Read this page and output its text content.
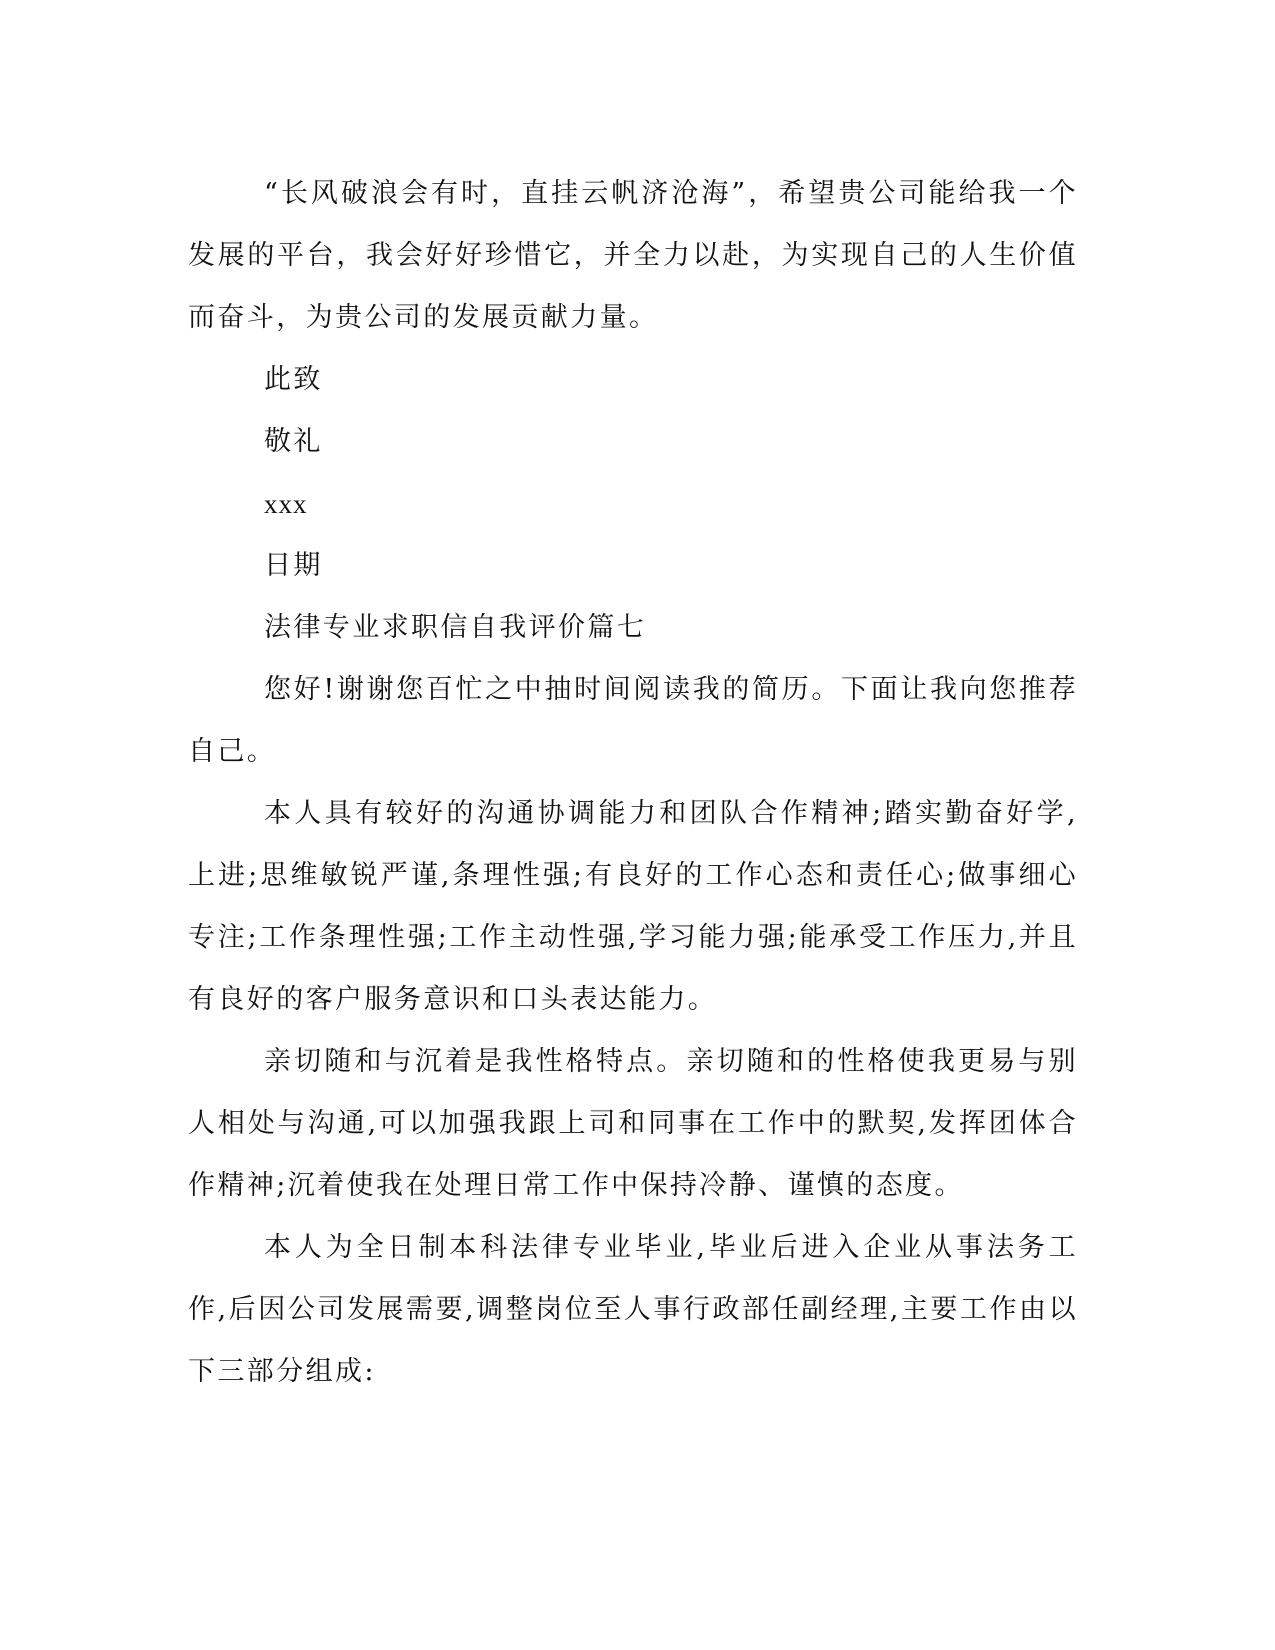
“长风破浪会有时，直挂云帆济沧海”，希望贵公司能给我一个发展的平台，我会好好珍惜它，并全力以赴，为实现自己的人生价值而奋斗，为贵公司的发展贡献力量。

此致

敬礼

xxx

日期

法律专业求职信自我评价篇七

您好!谢谢您百忙之中抽时间阅读我的简历。下面让我向您推荐自己。

本人具有较好的沟通协调能力和团队合作精神;踏实勤奋好学,上进;思维敏锐严谨,条理性强;有良好的工作心态和责任心;做事细心专注;工作条理性强;工作主动性强,学习能力强;能承受工作压力,并且有良好的客户服务意识和口头表达能力。

亲切随和与沉着是我性格特点。亲切随和的性格使我更易与别人相处与沟通,可以加强我跟上司和同事在工作中的默契,发挥团体合作精神;沉着使我在处理日常工作中保持冷静、谨慎的态度。

本人为全日制本科法律专业毕业,毕业后进入企业从事法务工作,后因公司发展需要,调整岗位至人事行政部任副经理,主要工作由以下三部分组成:
